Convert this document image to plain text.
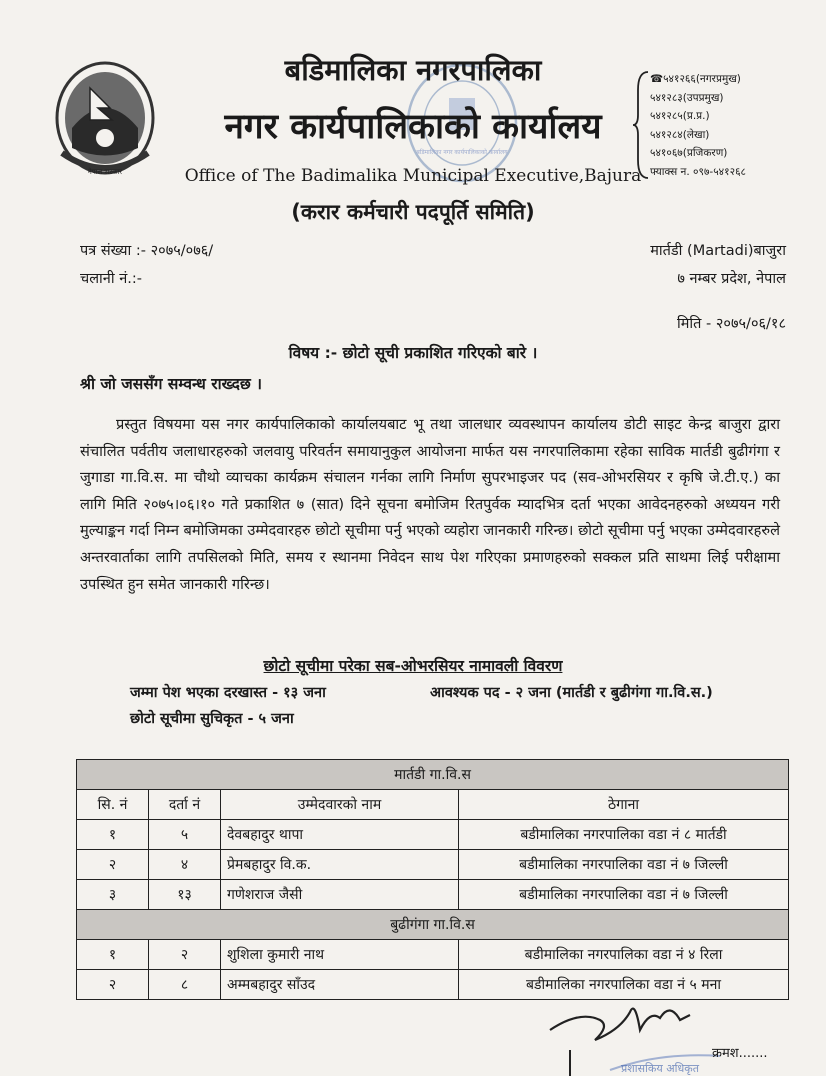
नेपाल सरकार
बडिमालिका नगर कार्यपालिकाको कार्यालय
बडिमालिका नगरपालिका
नगर कार्यपालिकाको कार्यालय
Office of The Badimalika Municipal Executive,Bajura
(करार कर्मचारी पदपूर्ति समिति)
☎५४१२६६(नगरप्रमुख)
५४१२८३(उपप्रमुख)
५४१२८५(प्र.प्र.)
५४१२८४(लेखा)
५४१०६७(प्रजिकरण)
फ्याक्स न. ०९७-५४१२६८
पत्र संख्या :- २०७५/०७६/
चलानी नं.:-
मार्तडी (Martadi)बाजुरा
७ नम्बर प्रदेश, नेपाल
मिति - २०७५/०६/१८
विषय :- छोटो सूची प्रकाशित गरिएको बारे ।
श्री जो जससँग सम्वन्ध राख्दछ ।
प्रस्तुत विषयमा यस नगर कार्यपालिकाको कार्यालयबाट भू तथा जालधार व्यवस्थापन कार्यालय डोटी साइट केन्द्र बाजुरा द्वारा संचालित पर्वतीय जलाधारहरुको जलवायु परिवर्तन समायानुकुल आयोजना मार्फत यस नगरपालिकामा रहेका साविक मार्तडी बुढीगंगा र जुगाडा गा.वि.स. मा चौथो व्याचका कार्यक्रम संचालन गर्नका लागि निर्माण सुपरभाइजर पद (सव-ओभरसियर र कृषि जे.टी.ए.) का लागि मिति २०७५।०६।१० गते प्रकाशित ७ (सात) दिने सूचना बमोजिम रितपुर्वक म्यादभित्र दर्ता भएका आवेदनहरुको अध्ययन गरी मुल्याङ्कन गर्दा निम्न बमोजिमका उम्मेदवारहरु छोटो सूचीमा पर्नु भएको व्यहोरा जानकारी गरिन्छ। छोटो सूचीमा पर्नु भएका उम्मेदवारहरुले अन्तरवार्ताका लागि तपसिलको मिति, समय र स्थानमा निवेदन साथ पेश गरिएका प्रमाणहरुको सक्कल प्रति साथमा लिई परीक्षामा उपस्थित हुन समेत जानकारी गरिन्छ।
छोटो सूचीमा परेका सब-ओभरसियर नामावली विवरण
जम्मा पेश भएका दरखास्त - १३ जना	आवश्यक पद - २ जना (मार्तडी र बुढीगंगा गा.वि.स.)
छोटो सूचीमा सुचिकृत - ५ जना
मार्तडी गा.वि.स			
सि. नं	दर्ता नं	उम्मेदवारको नाम	ठेगाना
१	५	देवबहादुर थापा	बडीमालिका नगरपालिका वडा नं ८ मार्तडी
२	४	प्रेमबहादुर वि.क.	बडीमालिका नगरपालिका वडा नं ७ जिल्ली
३	१३	गणेशराज जैसी	बडीमालिका नगरपालिका वडा नं ७ जिल्ली
बुढीगंगा गा.वि.स			
१	२	शुशिला कुमारी नाथ	बडीमालिका नगरपालिका वडा नं ४ रिला
२	८	अम्मबहादुर साँउद	बडीमालिका नगरपालिका वडा नं ५ मना
प्रशासकिय अधिकृत
क्रमश.......
